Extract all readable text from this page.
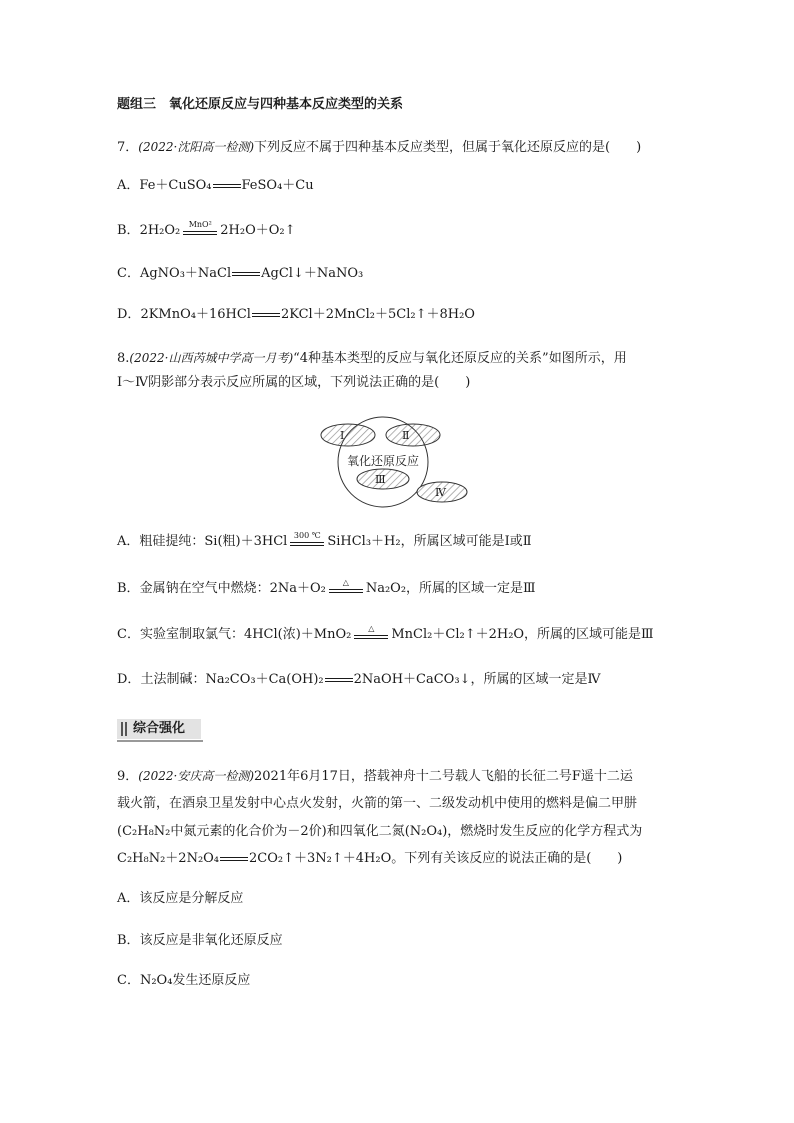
题组三　氧化还原反应与四种基本反应类型的关系
7．(2022·沈阳高一检测)下列反应不属于四种基本反应类型，但属于氧化还原反应的是(　　)
A．Fe＋CuSO₄ FeSO₄＋Cu
B．2H₂O₂	MnO² 2H₂O＋O₂↑
C．AgNO₃＋NaCl AgCl↓＋NaNO₃
D．2KMnO₄＋16HCl 2KCl＋2MnCl₂＋5Cl₂↑＋8H₂O
8.(2022·山西芮城中学高一月考)“4种基本类型的反应与氧化还原反应的关系”如图所示，用
Ⅰ～Ⅳ阴影部分表示反应所属的区域，下列说法正确的是(　　)
Ⅰ	Ⅱ
氧化还原反应
Ⅲ
Ⅳ
A．粗硅提纯：Si(粗)＋3HCl 300 ℃ SiHCl₃＋H₂，所属区域可能是Ⅰ或Ⅱ
B．金属钠在空气中燃烧：2Na＋O₂	△	Na₂O₂，所属的区域一定是Ⅲ
C．实验室制取氯气：4HCl(浓)＋MnO₂	△	MnCl₂＋Cl₂↑＋2H₂O，所属的区域可能是Ⅲ
D．土法制碱：Na₂CO₃＋Ca(OH)₂ 2NaOH＋CaCO₃↓，所属的区域一定是Ⅳ
综合强化
9．(2022·安庆高一检测)2021年6月17日，搭载神舟十二号载人飞船的长征二号F遥十二运
载火箭，在酒泉卫星发射中心点火发射，火箭的第一、二级发动机中使用的燃料是偏二甲肼
(C₂H₈N₂中氮元素的化合价为－2价)和四氧化二氮(N₂O₄)，燃烧时发生反应的化学方程式为
C₂H₈N₂＋2N₂O₄ 2CO₂↑＋3N₂↑＋4H₂O。下列有关该反应的说法正确的是(　　)
A．该反应是分解反应
B．该反应是非氧化还原反应
C．N₂O₄发生还原反应
